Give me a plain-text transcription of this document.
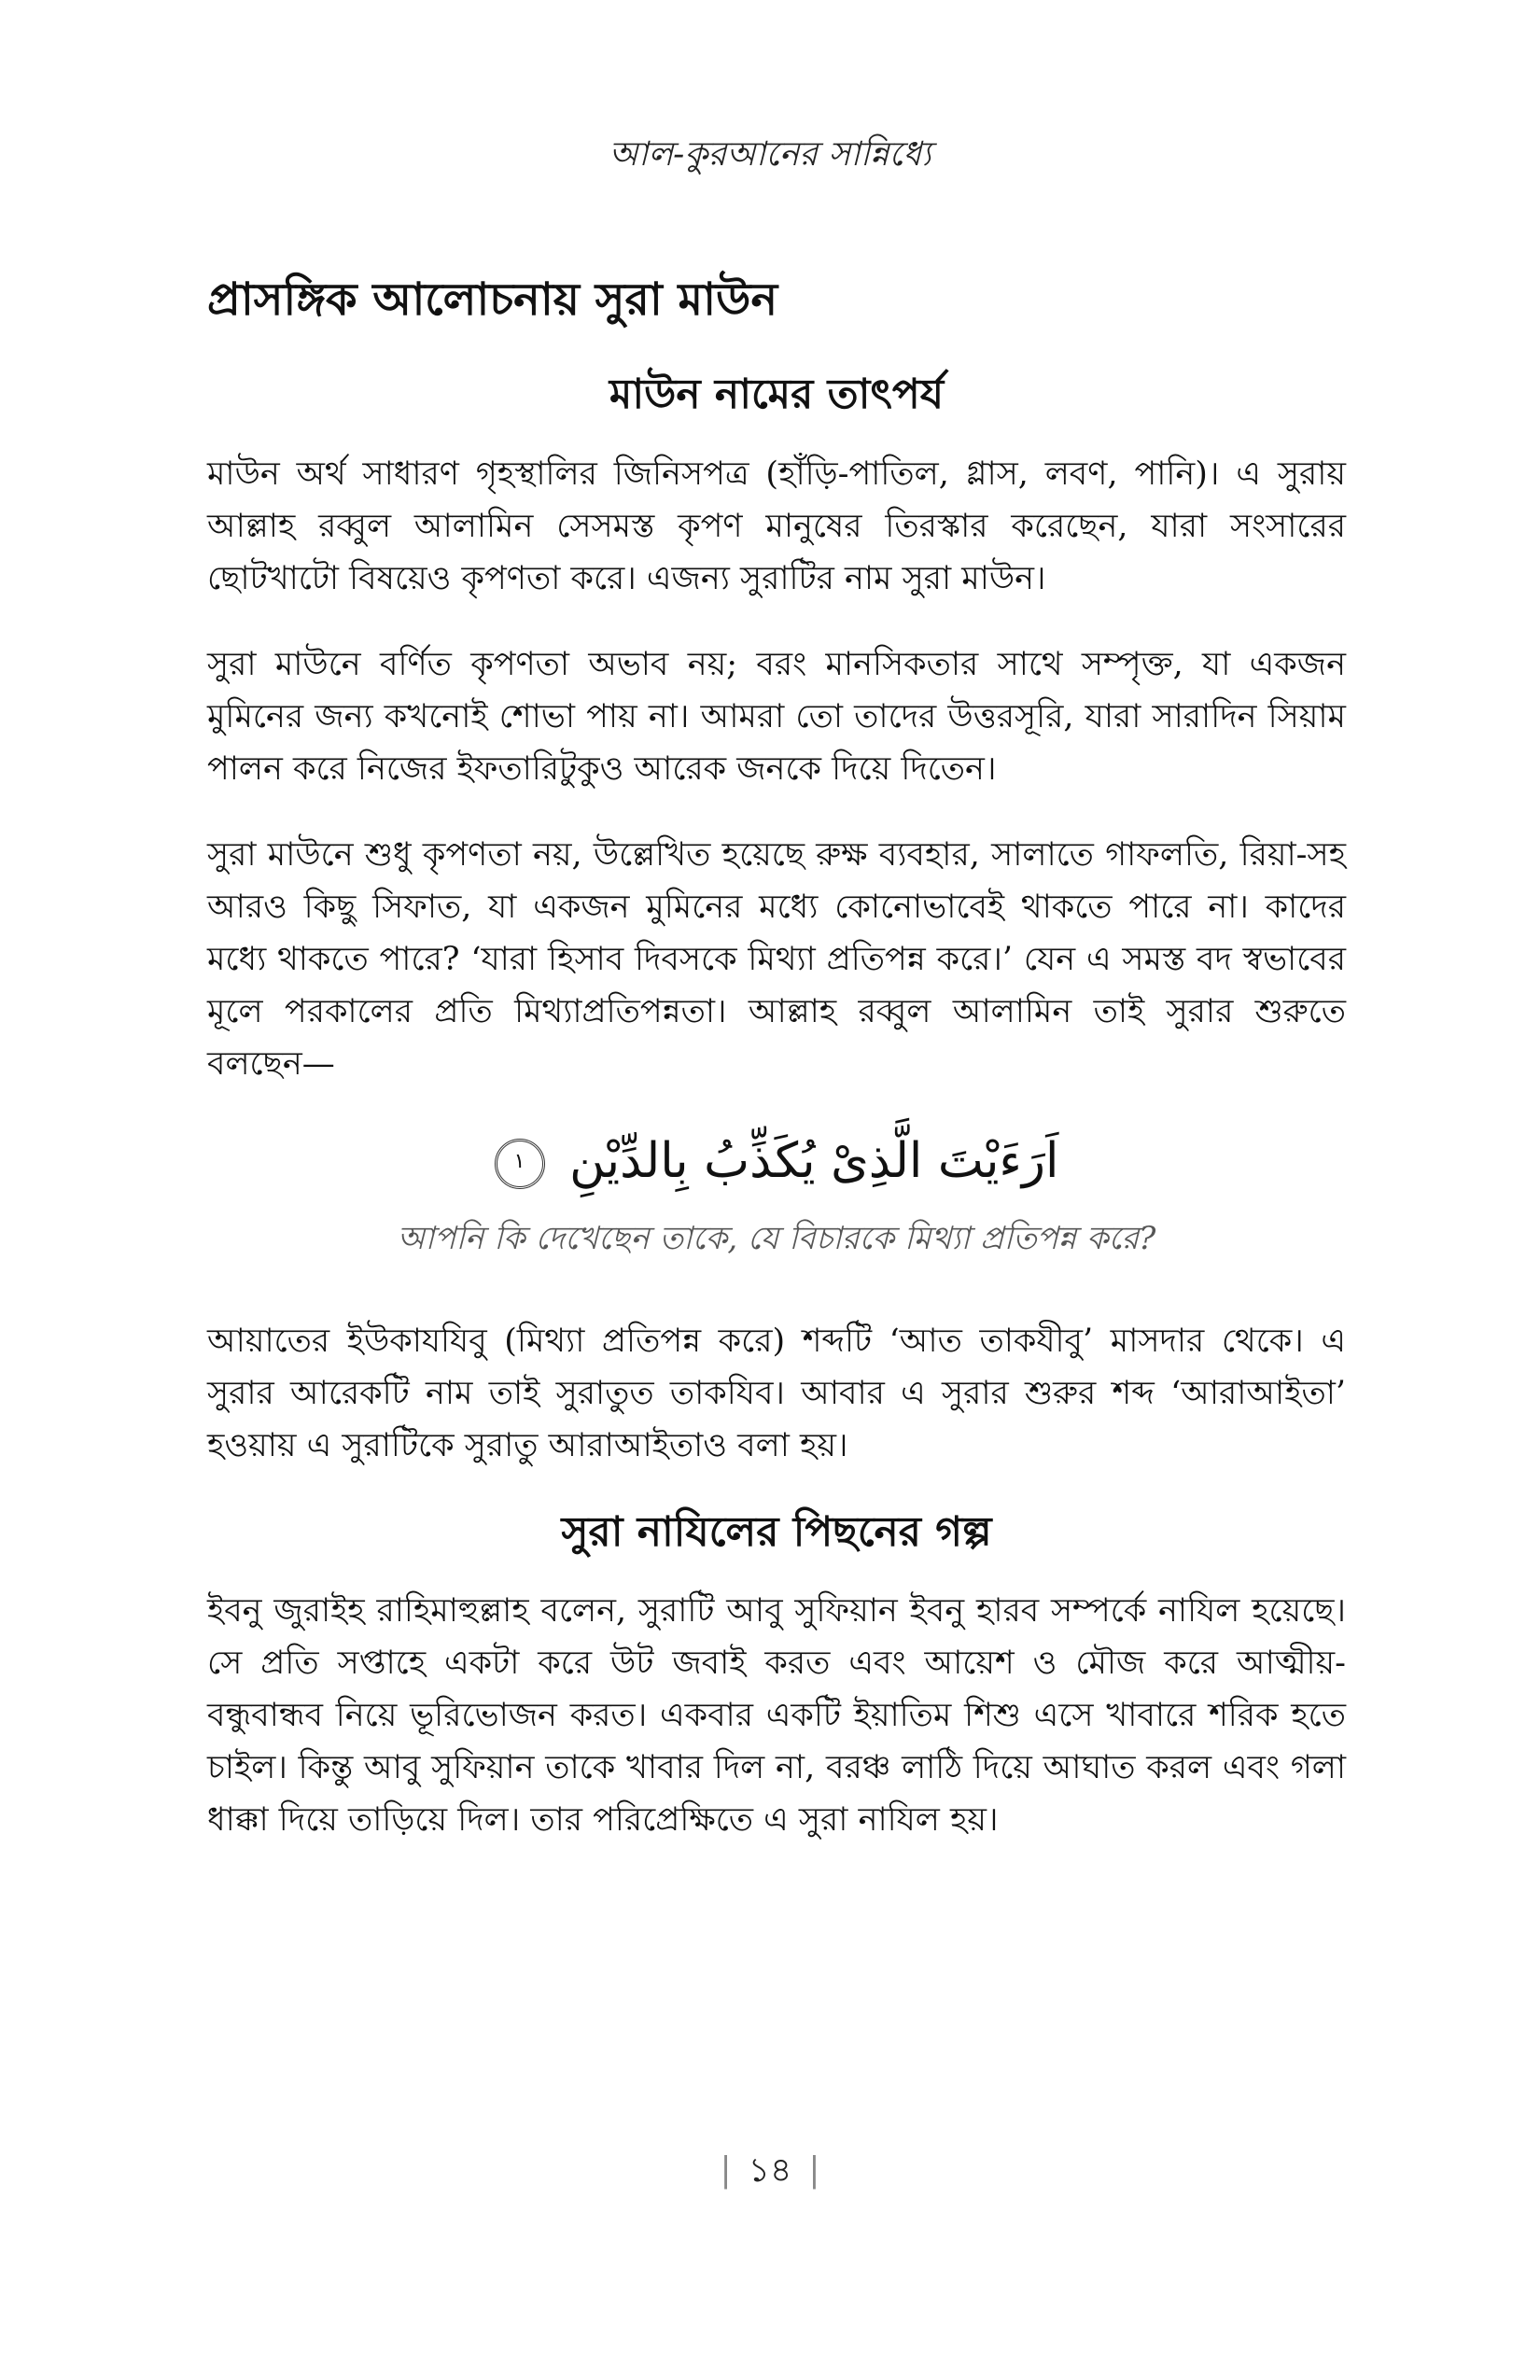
আল-কুরআনের সান্নিধ্যে
প্রাসঙ্গিক আলোচনায় সুরা মাউন
মাউন নামের তাৎপর্য

মাউন অর্থ সাধারণ গৃহস্থালির জিনিসপত্র (হাঁড়ি-পাতিল, গ্লাস, লবণ, পানি)। এ সুরায় আল্লাহ রব্বুল আলামিন সেসমস্ত কৃপণ মানুষের তিরস্কার করেছেন, যারা সংসারের ছোটখাটো বিষয়েও কৃপণতা করে। এজন্য সুরাটির নাম সুরা মাউন।

সুরা মাউনে বর্ণিত কৃপণতা অভাব নয়; বরং মানসিকতার সাথে সম্পৃক্ত, যা একজন মুমিনের জন্য কখনোই শোভা পায় না। আমরা তো তাদের উত্তরসূরি, যারা সারাদিন সিয়াম পালন করে নিজের ইফতারিটুকুও আরেক জনকে দিয়ে দিতেন।

সুরা মাউনে শুধু কৃপণতা নয়, উল্লেখিত হয়েছে রুক্ষ ব্যবহার, সালাতে গাফলতি, রিয়া-সহ আরও কিছু সিফাত, যা একজন মুমিনের মধ্যে কোনোভাবেই থাকতে পারে না। কাদের মধ্যে থাকতে পারে? ‘যারা হিসাব দিবসকে মিথ্যা প্রতিপন্ন করে।’ যেন এ সমস্ত বদ স্বভাবের মূলে পরকালের প্রতি মিথ্যাপ্রতিপন্নতা। আল্লাহ রব্বুল আলামিন তাই সুরার শুরুতে বলছেন—

اَرَءَيْتَ الَّذِىْ يُكَذِّبُ بِالدِّيْنِ ١

আপনি কি দেখেছেন তাকে, যে বিচারকে মিথ্যা প্রতিপন্ন করে?

আয়াতের ইউকাযযিবু (মিথ্যা প্রতিপন্ন করে) শব্দটি ‘আত তাকযীবু’ মাসদার থেকে। এ সুরার আরেকটি নাম তাই সুরাতুত তাকযিব। আবার এ সুরার শুরুর শব্দ ‘আরাআইতা’ হওয়ায় এ সুরাটিকে সুরাতু আরাআইতাও বলা হয়।

সুরা নাযিলের পিছনের গল্প

ইবনু জুরাইহ রাহিমাহুল্লাহ বলেন, সুরাটি আবু সুফিয়ান ইবনু হারব সম্পর্কে নাযিল হয়েছে। সে প্রতি সপ্তাহে একটা করে উট জবাই করত এবং আয়েশ ও মৌজ করে আত্মীয়-বন্ধুবান্ধব নিয়ে ভূরিভোজন করত। একবার একটি ইয়াতিম শিশু এসে খাবারে শরিক হতে চাইল। কিন্তু আবু সুফিয়ান তাকে খাবার দিল না, বরঞ্চ লাঠি দিয়ে আঘাত করল এবং গলা ধাক্কা দিয়ে তাড়িয়ে দিল। তার পরিপ্রেক্ষিতে এ সুরা নাযিল হয়।

| ১৪ |
